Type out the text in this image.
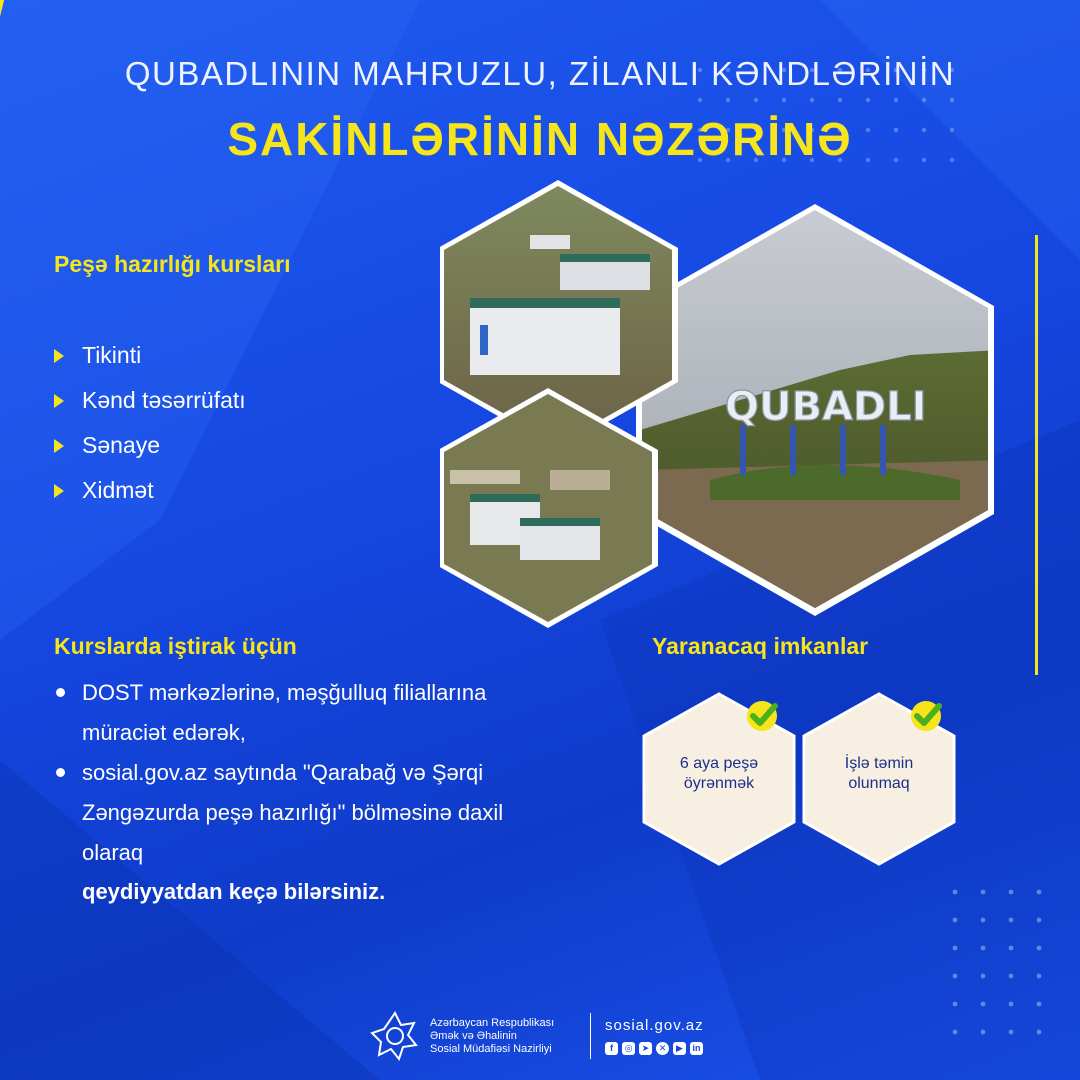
QUBADLININ MAHRUZLU, ZİLANLI KƏNDLƏRİNİN
SAKİNLƏRİNİN NƏZƏRİNƏ
Peşə hazırlığı kursları
Tikinti
Kənd təsərrüfatı
Sənaye
Xidmət
QUBADLI
Kurslarda iştirak üçün
DOST mərkəzlərinə, məşğulluq filiallarına müraciət edərək,
sosial.gov.az saytında "Qarabağ və Şərqi Zəngəzurda peşə hazırlığı" bölməsinə daxil olaraq
qeydiyyatdan keçə bilərsiniz.
Yaranacaq imkanlar
6 aya peşə öyrənmək
İşlə təmin olunmaq
Azərbaycan Respublikası
Əmək və Əhalinin
Sosial Müdafiəsi Nazirliyi
sosial.gov.az
f	◎	➤	✕	▶	in
